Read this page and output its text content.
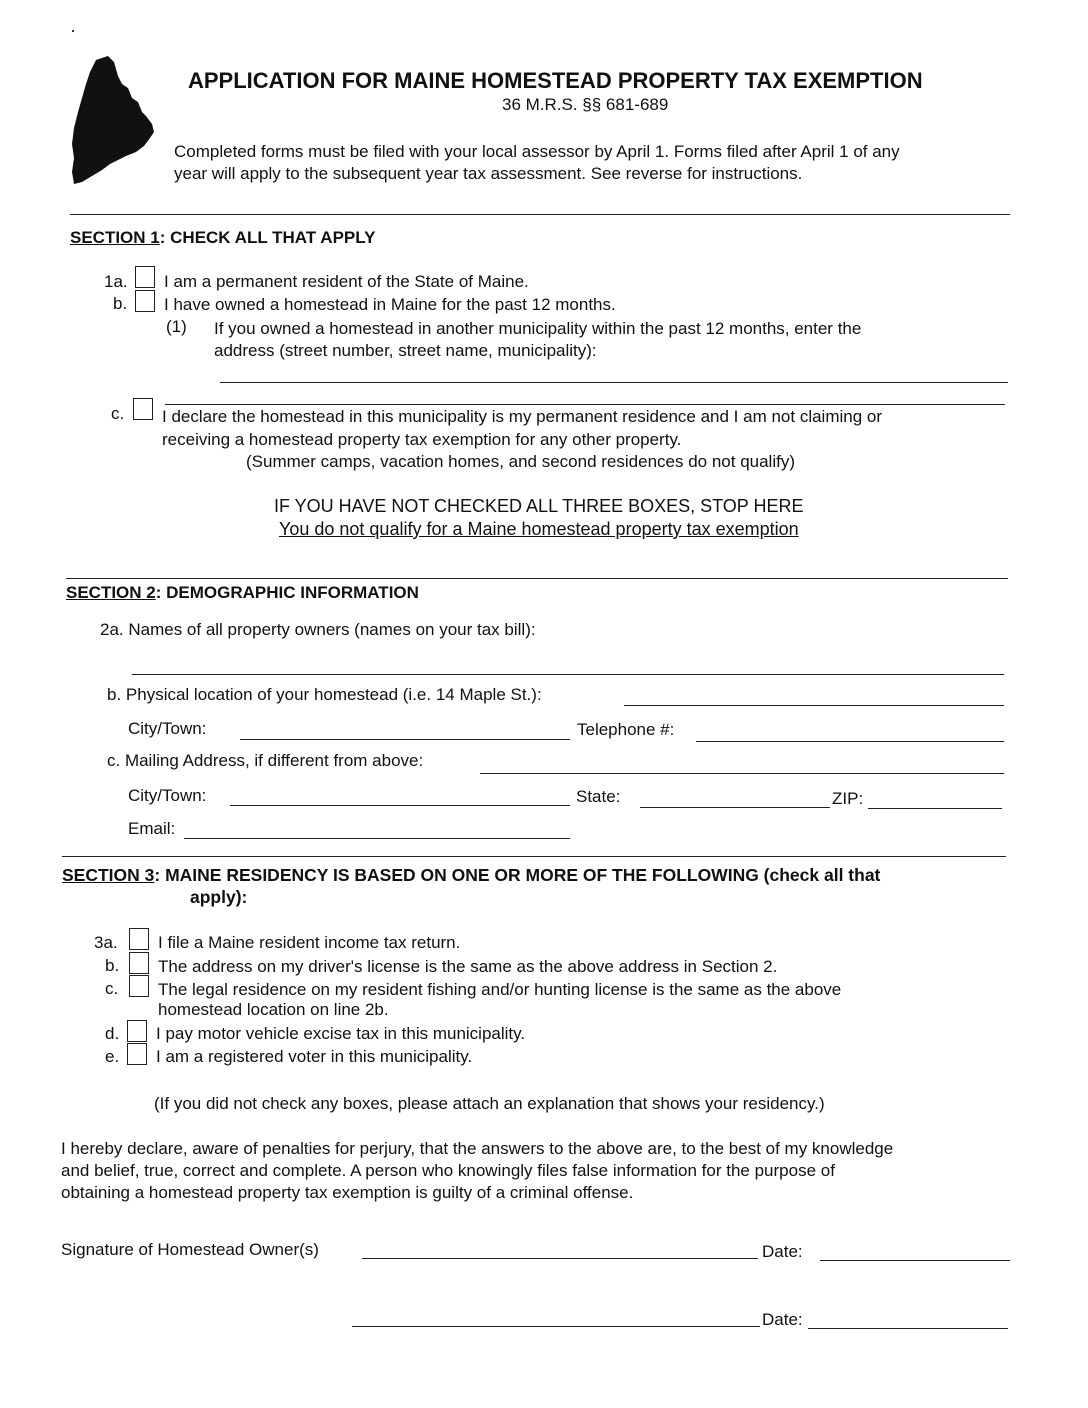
APPLICATION FOR MAINE HOMESTEAD PROPERTY TAX EXEMPTION
36 M.R.S. §§ 681-689
Completed forms must be filed with your local assessor by April 1. Forms filed after April 1 of any
year will apply to the subsequent year tax assessment. See reverse for instructions.
SECTION 1: CHECK ALL THAT APPLY
1a. I am a permanent resident of the State of Maine.
b. I have owned a homestead in Maine for the past 12 months.
(1) If you owned a homestead in another municipality within the past 12 months, enter the
address (street number, street name, municipality):
c. I declare the homestead in this municipality is my permanent residence and I am not claiming or
receiving a homestead property tax exemption for any other property.
(Summer camps, vacation homes, and second residences do not qualify)
IF YOU HAVE NOT CHECKED ALL THREE BOXES, STOP HERE
You do not qualify for a Maine homestead property tax exemption
SECTION 2: DEMOGRAPHIC INFORMATION
2a. Names of all property owners (names on your tax bill):
b. Physical location of your homestead (i.e. 14 Maple St.):
City/Town:	Telephone #:
c. Mailing Address, if different from above:
City/Town:	State:	ZIP:
Email:
SECTION 3: MAINE RESIDENCY IS BASED ON ONE OR MORE OF THE FOLLOWING (check all that
apply):
3a. I file a Maine resident income tax return.
b. The address on my driver's license is the same as the above address in Section 2.
c. The legal residence on my resident fishing and/or hunting license is the same as the above
homestead location on line 2b.
d. I pay motor vehicle excise tax in this municipality.
e. I am a registered voter in this municipality.
(If you did not check any boxes, please attach an explanation that shows your residency.)
I hereby declare, aware of penalties for perjury, that the answers to the above are, to the best of my knowledge
and belief, true, correct and complete. A person who knowingly files false information for the purpose of
obtaining a homestead property tax exemption is guilty of a criminal offense.
Signature of Homestead Owner(s)	Date:
Date:
